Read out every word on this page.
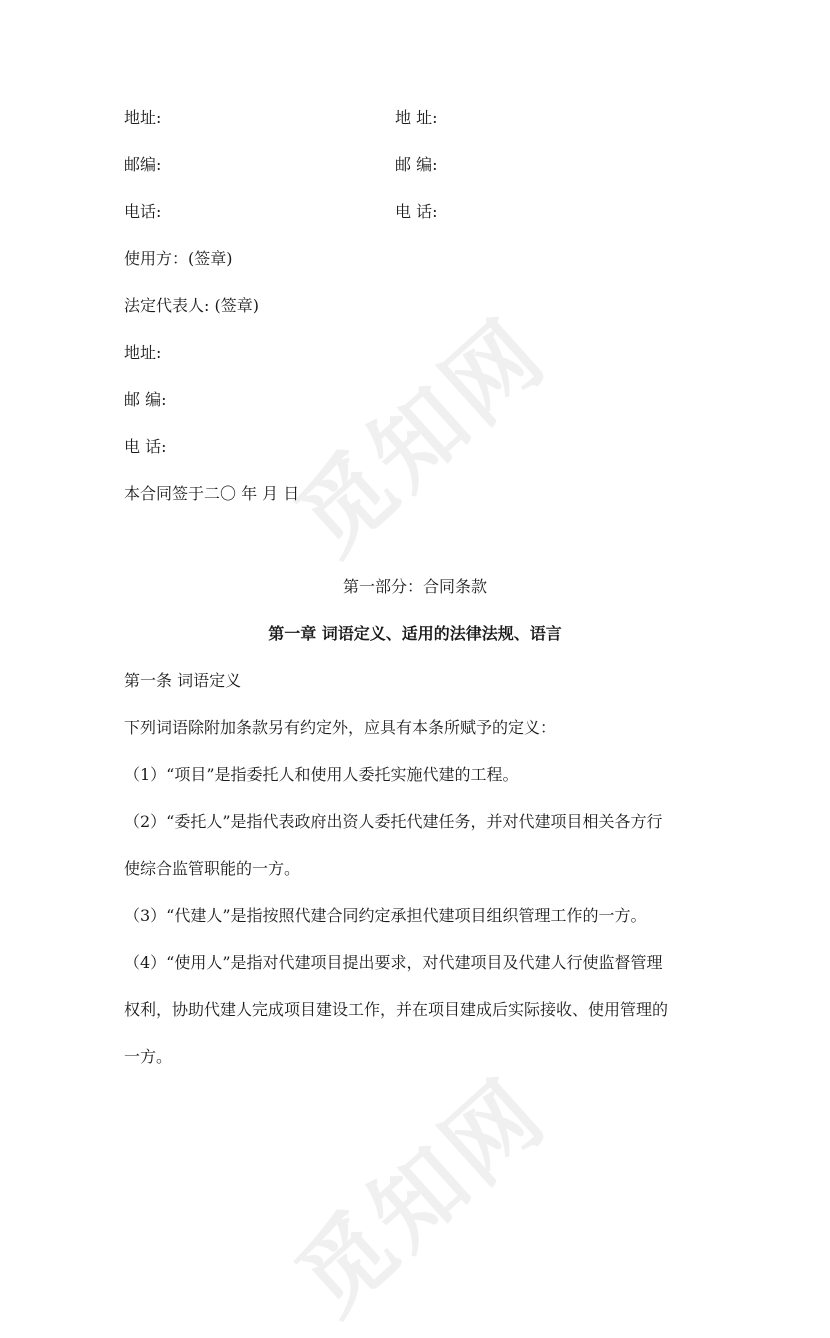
觅知网
觅知网
地址:	地 址:
邮编:	邮 编:
电话:	电 话:
使用方：(签章)
法定代表人: (签章)
地址:
邮 编:
电 话:
本合同签于二〇 年 月 日
第一部分：合同条款
第一章 词语定义、适用的法律法规、语言
第一条 词语定义
下列词语除附加条款另有约定外，应具有本条所赋予的定义：
（1）“项目”是指委托人和使用人委托实施代建的工程。
（2）“委托人”是指代表政府出资人委托代建任务，并对代建项目相关各方行
使综合监管职能的一方。
（3）“代建人”是指按照代建合同约定承担代建项目组织管理工作的一方。
（4）“使用人”是指对代建项目提出要求，对代建项目及代建人行使监督管理
权利，协助代建人完成项目建设工作，并在项目建成后实际接收、使用管理的
一方。
